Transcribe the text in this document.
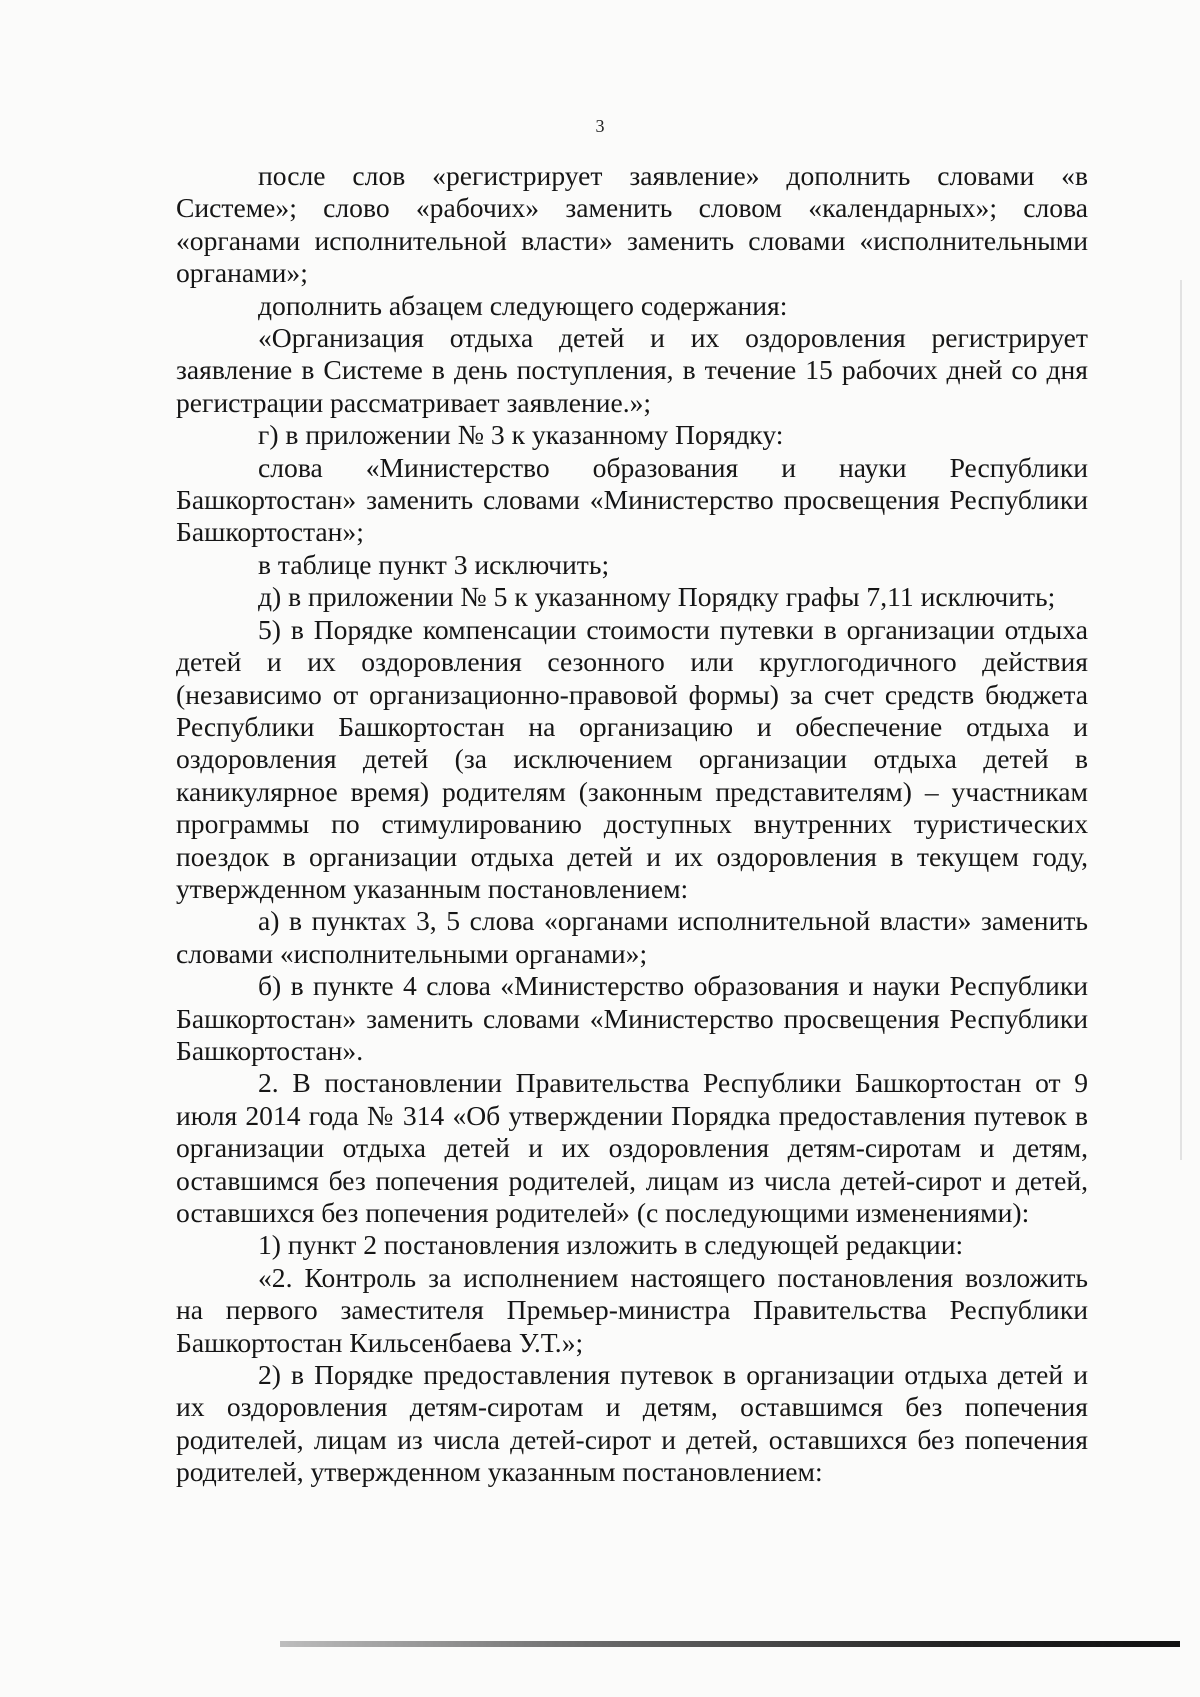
3

после слов «регистрирует заявление» дополнить словами «в Системе»; слово «рабочих» заменить словом «календарных»; слова «органами исполнительной власти» заменить словами «исполнительными органами»;

дополнить абзацем следующего содержания:

«Организация отдыха детей и их оздоровления регистрирует заявление в Системе в день поступления, в течение 15 рабочих дней со дня регистрации рассматривает заявление.»;

г) в приложении № 3 к указанному Порядку:

слова «Министерство образования и науки Республики Башкортостан» заменить словами «Министерство просвещения Республики Башкортостан»;

в таблице пункт 3 исключить;

д) в приложении № 5 к указанному Порядку графы 7,11 исключить;

5) в Порядке компенсации стоимости путевки в организации отдыха детей и их оздоровления сезонного или круглогодичного действия (независимо от организационно-правовой формы) за счет средств бюджета Республики Башкортостан на организацию и обеспечение отдыха и оздоровления детей (за исключением организации отдыха детей в каникулярное время) родителям (законным представителям) – участникам программы по стимулированию доступных внутренних туристических поездок в организации отдыха детей и их оздоровления в текущем году, утвержденном указанным постановлением:

а) в пунктах 3, 5 слова «органами исполнительной власти» заменить словами «исполнительными органами»;

б) в пункте 4 слова «Министерство образования и науки Республики Башкортостан» заменить словами «Министерство просвещения Республики Башкортостан».

2. В постановлении Правительства Республики Башкортостан от 9 июля 2014 года № 314 «Об утверждении Порядка предоставления путевок в организации отдыха детей и их оздоровления детям-сиротам и детям, оставшимся без попечения родителей, лицам из числа детей-сирот и детей, оставшихся без попечения родителей» (с последующими изменениями):

1) пункт 2 постановления изложить в следующей редакции:

«2. Контроль за исполнением настоящего постановления возложить на первого заместителя Премьер-министра Правительства Республики Башкортостан Кильсенбаева У.Т.»;

2) в Порядке предоставления путевок в организации отдыха детей и их оздоровления детям-сиротам и детям, оставшимся без попечения родителей, лицам из числа детей-сирот и детей, оставшихся без попечения родителей, утвержденном указанным постановлением:
